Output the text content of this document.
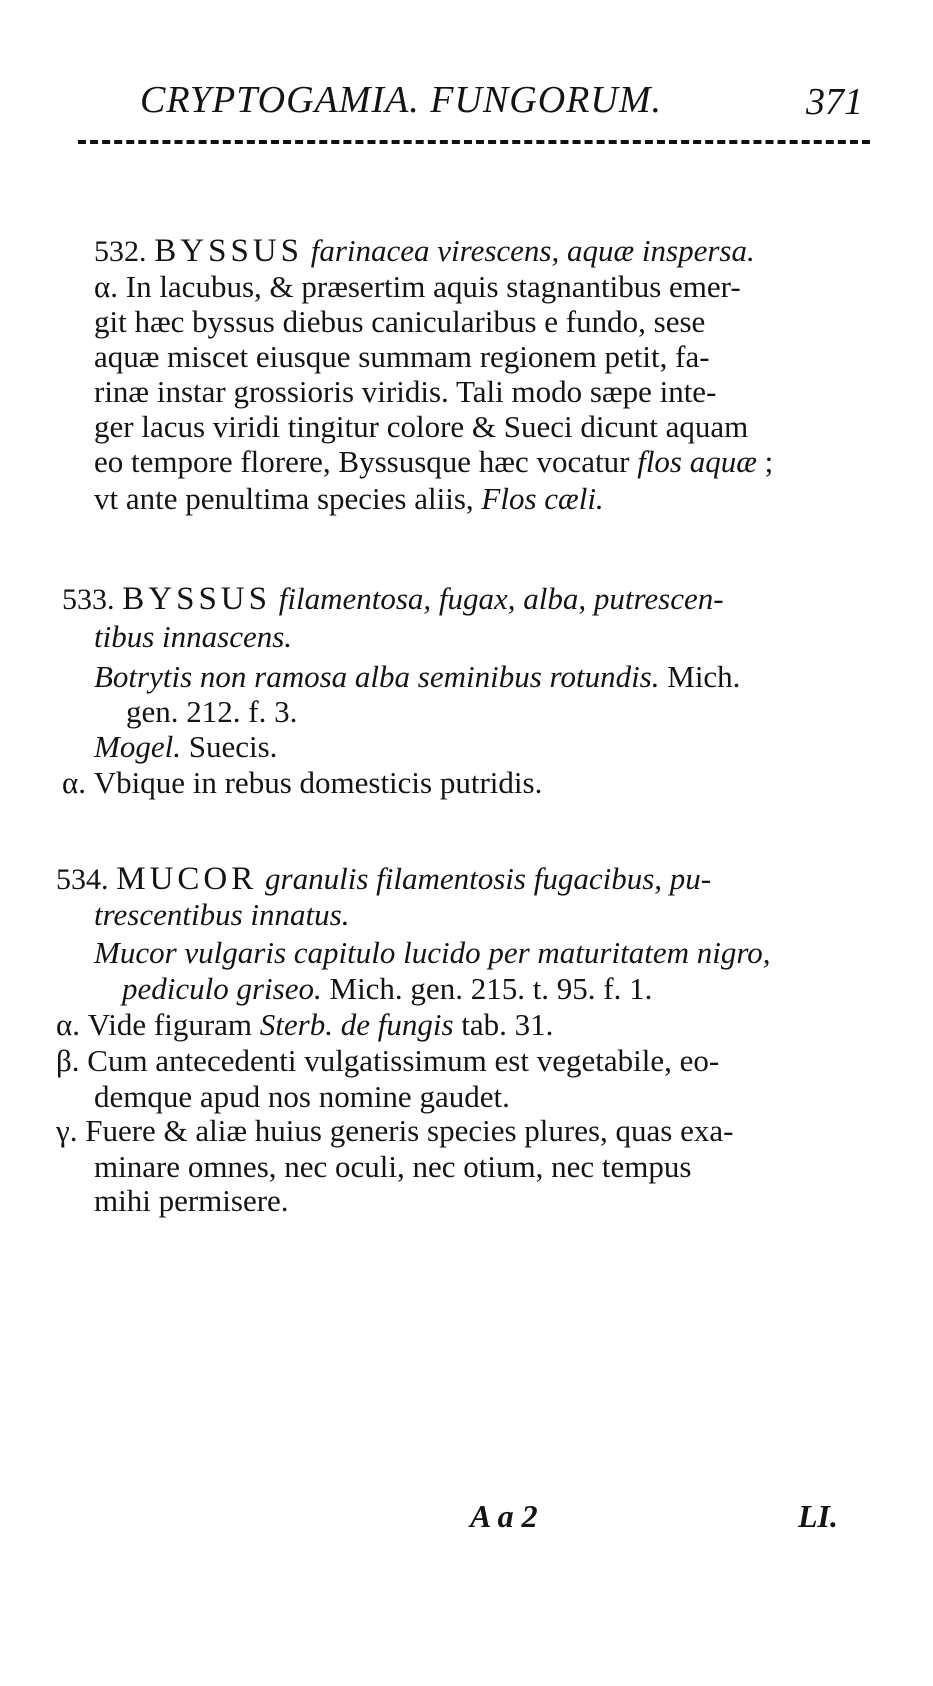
CRYPTOGAMIA. FUNGORUM.	371
532. BYSSUS farinacea virescens, aquæ inspersa.
α. In lacubus, & præsertim aquis stagnantibus emer-
git hæc byssus diebus canicularibus e fundo, sese
aquæ miscet eiusque summam regionem petit, fa-
rinæ instar grossioris viridis. Tali modo sæpe inte-
ger lacus viridi tingitur colore & Sueci dicunt aquam
eo tempore florere, Byssusque hæc vocatur flos aquæ ;
vt ante penultima species aliis, Flos cæli.
533. BYSSUS filamentosa, fugax, alba, putrescen-
tibus innascens.
Botrytis non ramosa alba seminibus rotundis. Mich.
gen. 212. f. 3.
Mogel. Suecis.
α. Vbique in rebus domesticis putridis.
534. MUCOR granulis filamentosis fugacibus, pu-
trescentibus innatus.
Mucor vulgaris capitulo lucido per maturitatem nigro,
pediculo griseo. Mich. gen. 215. t. 95. f. 1.
α. Vide figuram Sterb. de fungis tab. 31.
β. Cum antecedenti vulgatissimum est vegetabile, eo-
demque apud nos nomine gaudet.
γ. Fuere & aliæ huius generis species plures, quas exa-
minare omnes, nec oculi, nec otium, nec tempus
mihi permisere.
A a 2	LI.
